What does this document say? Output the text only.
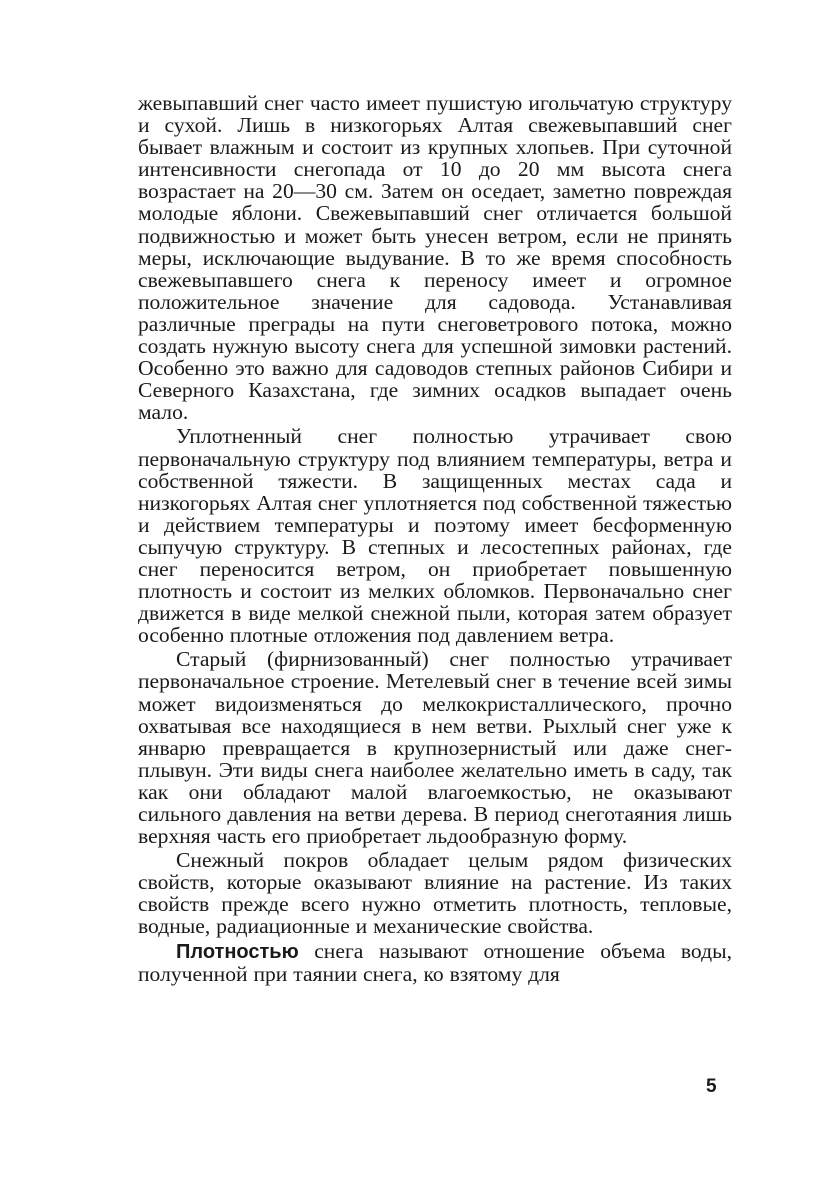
жевыпавший снег часто имеет пушистую игольчатую структуру и сухой. Лишь в низкогорьях Алтая свежевыпавший снег бывает влажным и состоит из крупных хлопьев. При суточной интенсивности снегопада от 10 до 20 мм высота снега возрастает на 20—30 см. Затем он оседает, заметно повреждая молодые яблони. Свежевыпавший снег отличается большой подвижностью и может быть унесен ветром, если не принять меры, исключающие выдувание. В то же время способность свежевыпавшего снега к переносу имеет и огромное положительное значение для садовода. Устанавливая различные преграды на пути снеговетрового потока, можно создать нужную высоту снега для успешной зимовки растений. Особенно это важно для садоводов степных районов Сибири и Северного Казахстана, где зимних осадков выпадает очень мало.

Уплотненный снег полностью утрачивает свою первоначальную структуру под влиянием температуры, ветра и собственной тяжести. В защищенных местах сада и низкогорьях Алтая снег уплотняется под собственной тяжестью и действием температуры и поэтому имеет бесформенную сыпучую структуру. В степных и лесостепных районах, где снег переносится ветром, он приобретает повышенную плотность и состоит из мелких обломков. Первоначально снег движется в виде мелкой снежной пыли, которая затем образует особенно плотные отложения под давлением ветра.

Старый (фирнизованный) снег полностью утрачивает первоначальное строение. Метелевый снег в течение всей зимы может видоизменяться до мелкокристаллического, прочно охватывая все находящиеся в нем ветви. Рыхлый снег уже к январю превращается в крупнозернистый или даже снег-плывун. Эти виды снега наиболее желательно иметь в саду, так как они обладают малой влагоемкостью, не оказывают сильного давления на ветви дерева. В период снеготаяния лишь верхняя часть его приобретает льдообразную форму.

Снежный покров обладает целым рядом физических свойств, которые оказывают влияние на растение. Из таких свойств прежде всего нужно отметить плотность, тепловые, водные, радиационные и механические свойства.

Плотностью снега называют отношение объема воды, полученной при таянии снега, ко взятому для

5
